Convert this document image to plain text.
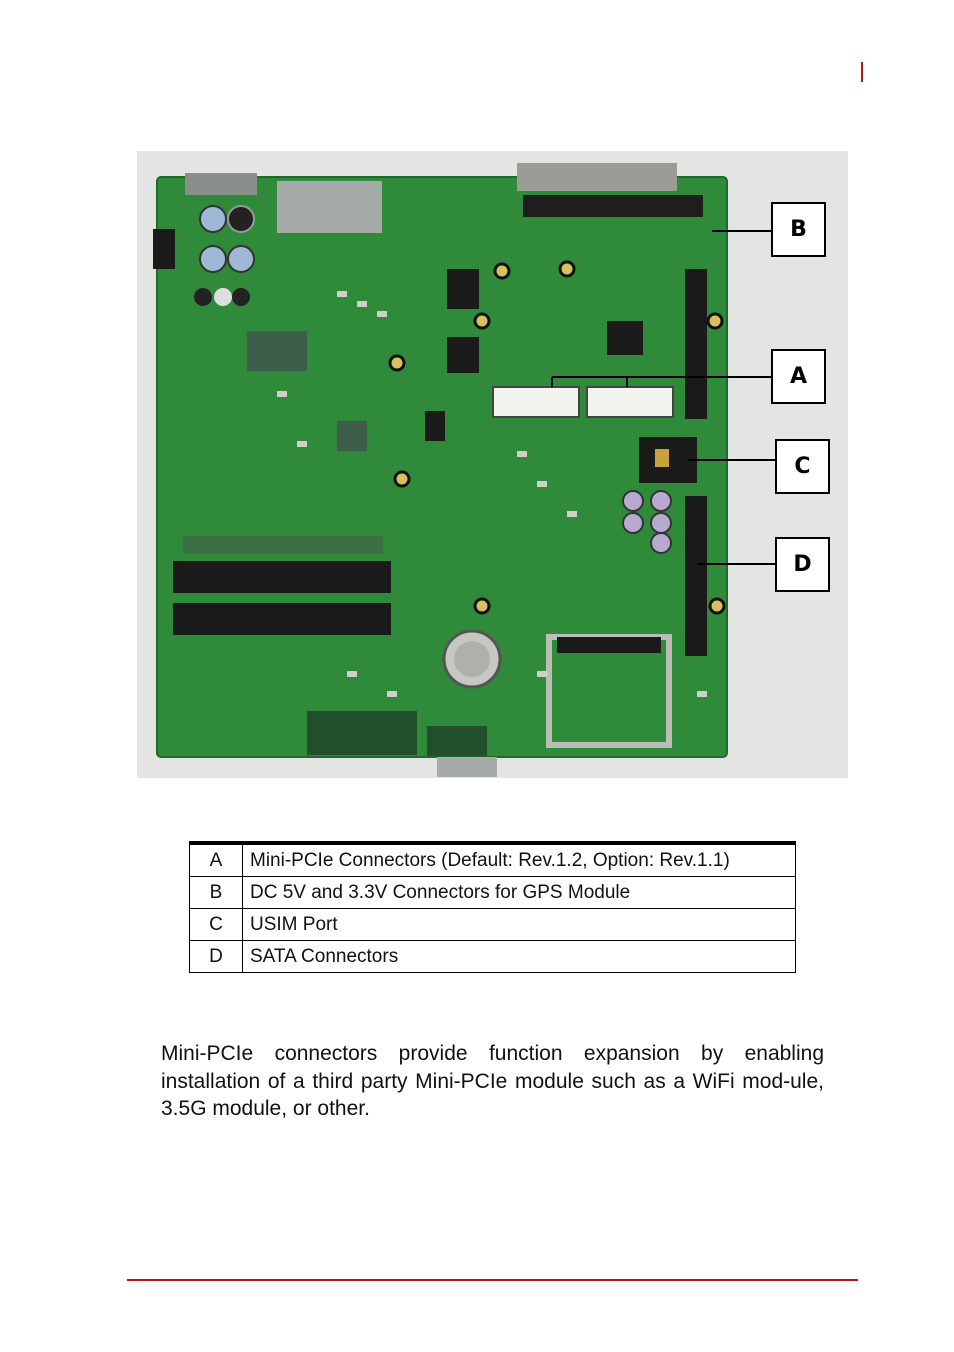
B
A
C
D
A	Mini-PCIe Connectors (Default: Rev.1.2, Option: Rev.1.1)
B	DC 5V and 3.3V Connectors for GPS Module
C	USIM Port
D	SATA Connectors

Mini-PCIe connectors provide function expansion by enabling installation of a third party Mini-PCIe module such as a WiFi mod-ule, 3.5G module, or other.
